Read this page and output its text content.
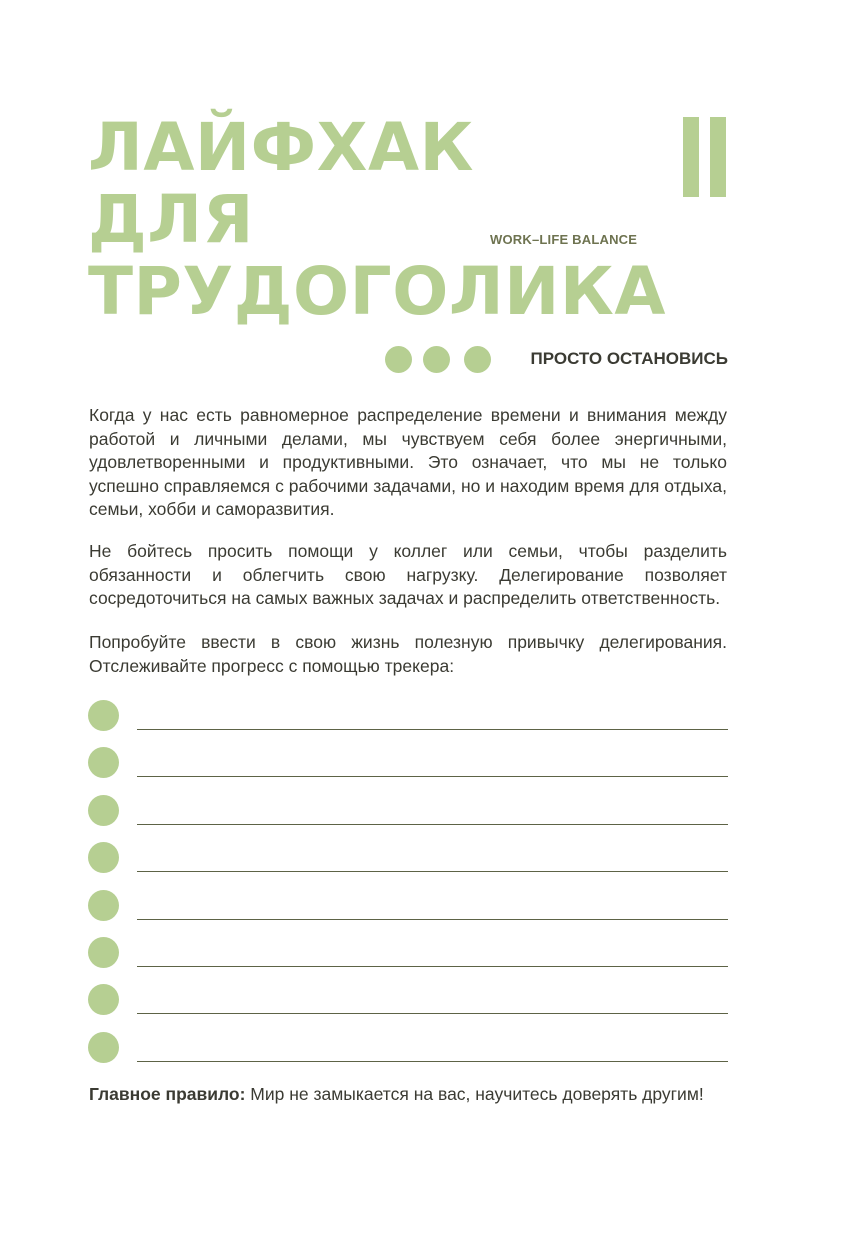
ЛАЙФХАК
ДЛЯ
ТРУДОГОЛИКА
WORK–LIFE BALANCE
ПРОСТО ОСТАНОВИСЬ

Когда у нас есть равномерное распределение времени и внимания между работой и личными делами, мы чувствуем себя более энергичными, удовлетворенными и продуктивными. Это означает, что мы не только успешно справляемся с рабочими задачами, но и находим время для отдыха, семьи, хобби и саморазвития.

Не бойтесь просить помощи у коллег или семьи, чтобы разделить обязанности и облегчить свою нагрузку. Делегирование позволяет сосредоточиться на самых важных задачах и распределить ответственность.

Попробуйте ввести в свою жизнь полезную привычку делегирования. Отслеживайте прогресс с помощью трекера:

Главное правило: Мир не замыкается на вас, научитесь доверять другим!
